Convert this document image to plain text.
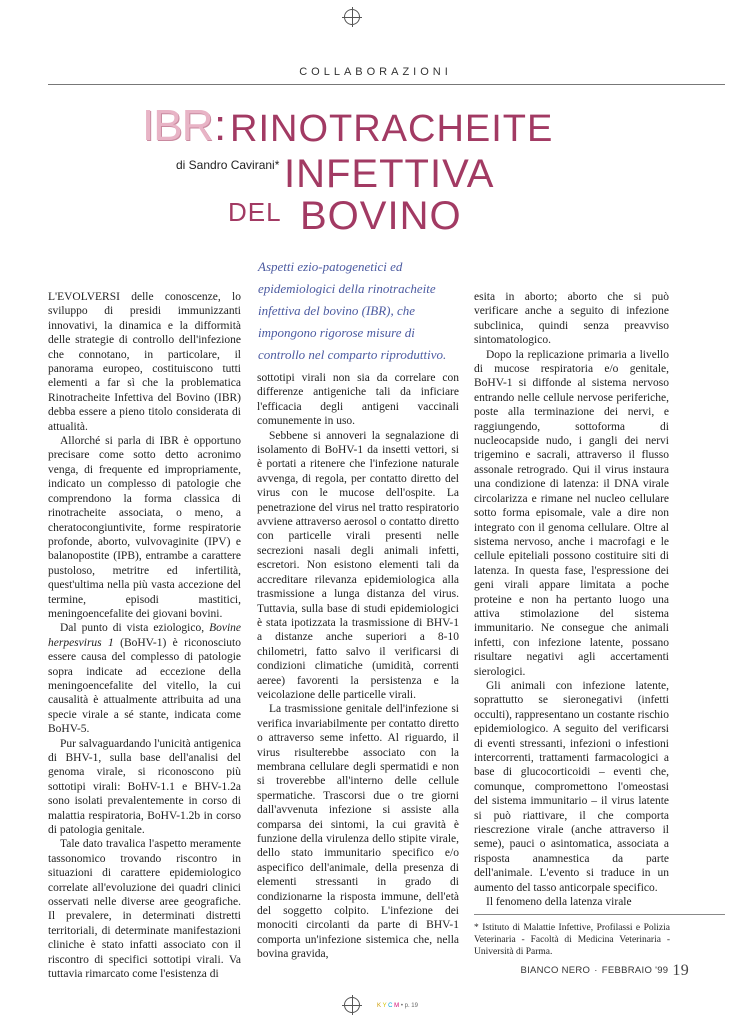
COLLABORAZIONI
IBR : RINOTRACHEITE
INFETTIVA
DEL BOVINO
di Sandro Cavirani*
Aspetti ezio-patogenetici ed epidemiologici della rinotracheite infettiva del bovino (IBR), che impongono rigorose misure di controllo nel comparto riproduttivo.

L'EVOLVERSI delle conoscenze, lo sviluppo di presidi immunizzanti innovativi, la dinamica e la difformità delle strategie di controllo dell'infezione che connotano, in particolare, il panorama europeo, costituiscono tutti elementi a far sì che la problematica Rinotracheite Infettiva del Bovino (IBR) debba essere a pieno titolo considerata di attualità.

Allorché si parla di IBR è opportuno precisare come sotto detto acronimo venga, di frequente ed impropriamente, indicato un complesso di patologie che comprendono la forma classica di rinotracheite associata, o meno, a cheratocongiuntivite, forme respiratorie profonde, aborto, vulvovaginite (IPV) e balanopostite (IPB), entrambe a carattere pustoloso, metritre ed infertilità, quest'ultima nella più vasta accezione del termine, episodi mastitici, meningoencefalite dei giovani bovini.

Dal punto di vista eziologico, Bovine herpesvirus 1 (BoHV-1) è riconosciuto essere causa del complesso di patologie sopra indicate ad eccezione della meningoencefalite del vitello, la cui causalità è attualmente attribuita ad una specie virale a sé stante, indicata come BoHV-5.

Pur salvaguardando l'unicità antigenica di BHV-1, sulla base dell'analisi del genoma virale, si riconoscono più sottotipi virali: BoHV-1.1 e BHV-1.2a sono isolati prevalentemente in corso di malattia respiratoria, BoHV-1.2b in corso di patologia genitale.

Tale dato travalica l'aspetto meramente tassonomico trovando riscontro in situazioni di carattere epidemiologico correlate all'evoluzione dei quadri clinici osservati nelle diverse aree geografiche. Il prevalere, in determinati distretti territoriali, di determinate manifestazioni cliniche è stato infatti associato con il riscontro di specifici sottotipi virali. Va tuttavia rimarcato come l'esistenza di

sottotipi virali non sia da correlare con differenze antigeniche tali da inficiare l'efficacia degli antigeni vaccinali comunemente in uso.

Sebbene si annoveri la segnalazione di isolamento di BoHV-1 da insetti vettori, si è portati a ritenere che l'infezione naturale avvenga, di regola, per contatto diretto del virus con le mucose dell'ospite. La penetrazione del virus nel tratto respiratorio avviene attraverso aerosol o contatto diretto con particelle virali presenti nelle secrezioni nasali degli animali infetti, escretori. Non esistono elementi tali da accreditare rilevanza epidemiologica alla trasmissione a lunga distanza del virus. Tuttavia, sulla base di studi epidemiologici è stata ipotizzata la trasmissione di BHV-1 a distanze anche superiori a 8-10 chilometri, fatto salvo il verificarsi di condizioni climatiche (umidità, correnti aeree) favorenti la persistenza e la veicolazione delle particelle virali.

La trasmissione genitale dell'infezione si verifica invariabilmente per contatto diretto o attraverso seme infetto. Al riguardo, il virus risulterebbe associato con la membrana cellulare degli spermatidi e non si troverebbe all'interno delle cellule spermatiche. Trascorsi due o tre giorni dall'avvenuta infezione si assiste alla comparsa dei sintomi, la cui gravità è funzione della virulenza dello stipite virale, dello stato immunitario specifico e/o aspecifico dell'animale, della presenza di elementi stressanti in grado di condizionarne la risposta immune, dell'età del soggetto colpito. L'infezione dei monociti circolanti da parte di BHV-1 comporta un'infezione sistemica che, nella bovina gravida,

esita in aborto; aborto che si può verificare anche a seguito di infezione subclinica, quindi senza preavviso sintomatologico.

Dopo la replicazione primaria a livello di mucose respiratoria e/o genitale, BoHV-1 si diffonde al sistema nervoso entrando nelle cellule nervose periferiche, poste alla terminazione dei nervi, e raggiungendo, sottoforma di nucleocapside nudo, i gangli dei nervi trigemino e sacrali, attraverso il flusso assonale retrogrado. Qui il virus instaura una condizione di latenza: il DNA virale circolarizza e rimane nel nucleo cellulare sotto forma episomale, vale a dire non integrato con il genoma cellulare. Oltre al sistema nervoso, anche i macrofagi e le cellule epiteliali possono costituire siti di latenza. In questa fase, l'espressione dei geni virali appare limitata a poche proteine e non ha pertanto luogo una attiva stimolazione del sistema immunitario. Ne consegue che animali infetti, con infezione latente, possano risultare negativi agli accertamenti sierologici.

Gli animali con infezione latente, soprattutto se sieronegativi (infetti occulti), rappresentano un costante rischio epidemiologico. A seguito del verificarsi di eventi stressanti, infezioni o infestioni intercorrenti, trattamenti farmacologici a base di glucocorticoidi – eventi che, comunque, compromettono l'omeostasi del sistema immunitario – il virus latente si può riattivare, il che comporta riescrezione virale (anche attraverso il seme), pauci o asintomatica, associata a risposta anamnestica da parte dell'animale. L'evento si traduce in un aumento del tasso anticorpale specifico.

Il fenomeno della latenza virale

* Istituto di Malattie Infettive, Profilassi e Polizia Veterinaria - Facoltà di Medicina Veterinaria - Università di Parma.
BIANCO NERO · FEBBRAIO '99 19
K Y C M • p. 19
